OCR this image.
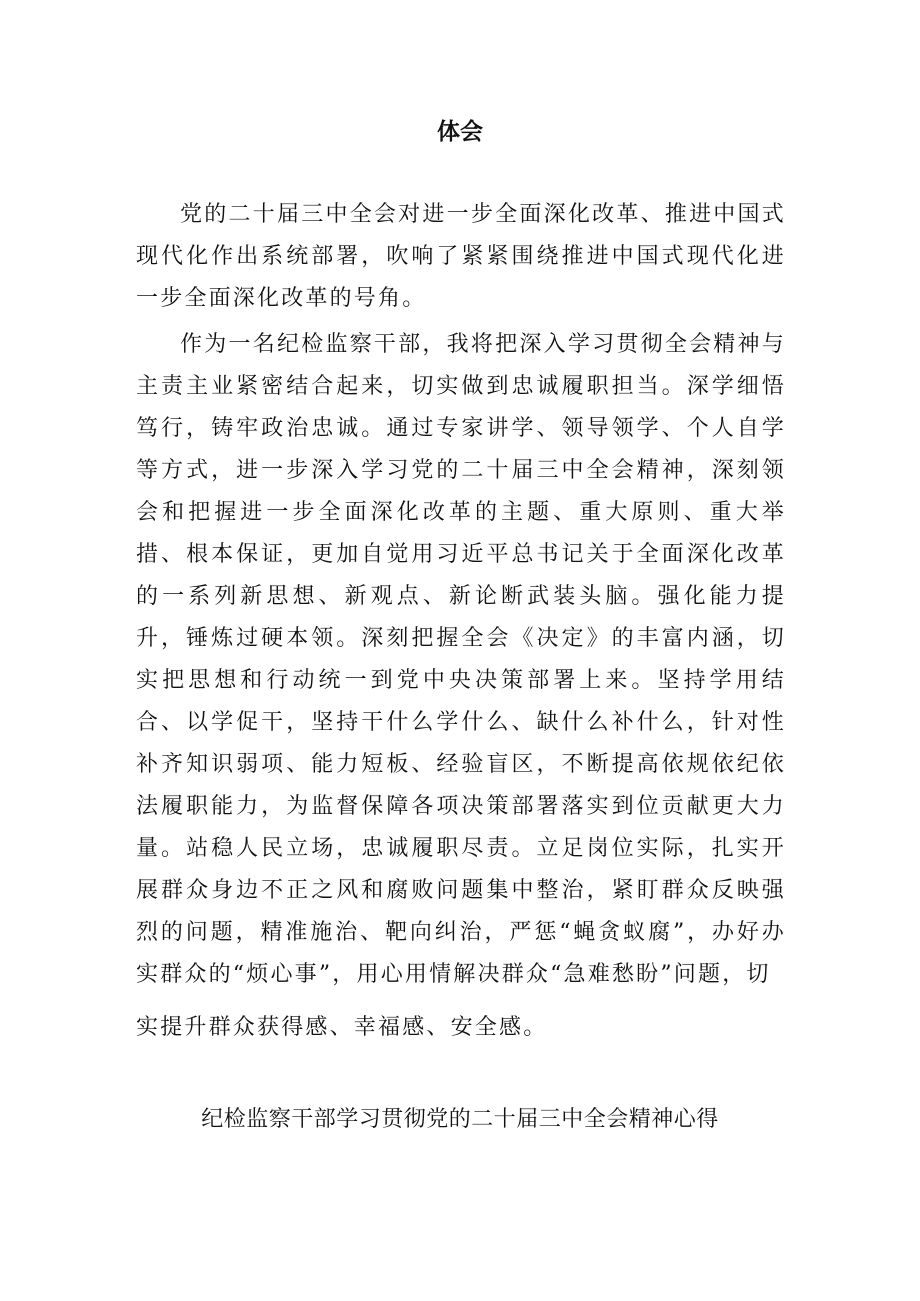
体会

党的二十届三中全会对进一步全面深化改革、推进中国式现代化作出系统部署，吹响了紧紧围绕推进中国式现代化进一步全面深化改革的号角。

作为一名纪检监察干部，我将把深入学习贯彻全会精神与主责主业紧密结合起来，切实做到忠诚履职担当。深学细悟笃行，铸牢政治忠诚。通过专家讲学、领导领学、个人自学等方式，进一步深入学习党的二十届三中全会精神，深刻领会和把握进一步全面深化改革的主题、重大原则、重大举措、根本保证，更加自觉用习近平总书记关于全面深化改革的一系列新思想、新观点、新论断武装头脑。强化能力提升，锤炼过硬本领。深刻把握全会《决定》的丰富内涵，切实把思想和行动统一到党中央决策部署上来。坚持学用结合、以学促干，坚持干什么学什么、缺什么补什么，针对性补齐知识弱项、能力短板、经验盲区，不断提高依规依纪依法履职能力，为监督保障各项决策部署落实到位贡献更大力量。站稳人民立场，忠诚履职尽责。立足岗位实际，扎实开展群众身边不正之风和腐败问题集中整治，紧盯群众反映强烈的问题，精准施治、靶向纠治，严惩“蝇贪蚁腐”，办好办实群众的“烦心事”，用心用情解决群众“急难愁盼”问题，切

实提升群众获得感、幸福感、安全感。

纪检监察干部学习贯彻党的二十届三中全会精神心得
